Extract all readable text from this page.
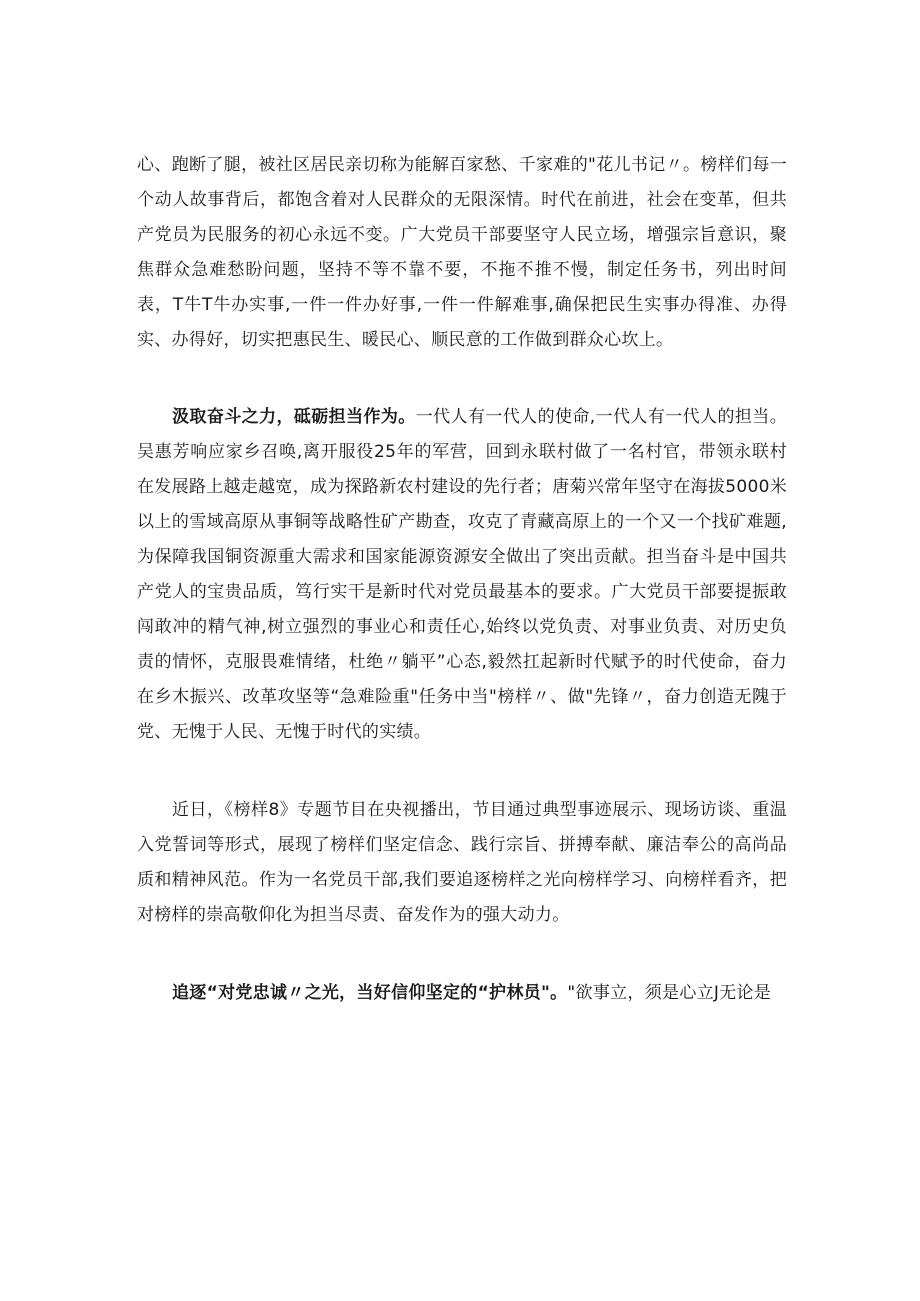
心、跑断了腿，被社区居民亲切称为能解百家愁、千家难的"花儿书记〃。榜样们每一个动人故事背后，都饱含着对人民群众的无限深情。时代在前进，社会在变革，但共产党员为民服务的初心永远不变。广大党员干部要坚守人民立场，增强宗旨意识，聚焦群众急难愁盼问题，坚持不等不靠不要，不拖不推不慢，制定任务书，列出时间表，T牛T牛办实事,一件一件办好事,一件一件解难事,确保把民生实事办得准、办得实、办得好，切实把惠民生、暖民心、顺民意的工作做到群众心坎上。

汲取奋斗之力，砥砺担当作为。一代人有一代人的使命,一代人有一代人的担当。吴惠芳响应家乡召唤,离开服役25年的军营，回到永联村做了一名村官，带领永联村在发展路上越走越宽，成为探路新农村建设的先行者；唐菊兴常年坚守在海拔5000米以上的雪域高原从事铜等战略性矿产勘查，攻克了青藏高原上的一个又一个找矿难题,为保障我国铜资源重大需求和国家能源资源安全做出了突出贡献。担当奋斗是中国共产党人的宝贵品质，笃行实干是新时代对党员最基本的要求。广大党员干部要提振敢闯敢冲的精气神,树立强烈的事业心和责任心,始终以党负责、对事业负责、对历史负责的情怀，克服畏难情绪，杜绝〃躺平”心态,毅然扛起新时代赋予的时代使命，奋力在乡木振兴、改革攻坚等“急难险重"任务中当"榜样〃、做"先锋〃，奋力创造无隗于党、无愧于人民、无愧于时代的实绩。

近日，《榜样8》专题节目在央视播出，节目通过典型事迹展示、现场访谈、重温入党誓词等形式，展现了榜样们坚定信念、践行宗旨、拼搏奉献、廉洁奉公的高尚品质和精神风范。作为一名党员干部,我们要追逐榜样之光向榜样学习、向榜样看齐，把对榜样的崇高敬仰化为担当尽责、奋发作为的强大动力。

追逐“对党忠诚〃之光，当好信仰坚定的“护林员"。"欲事立，须是心立J无论是
